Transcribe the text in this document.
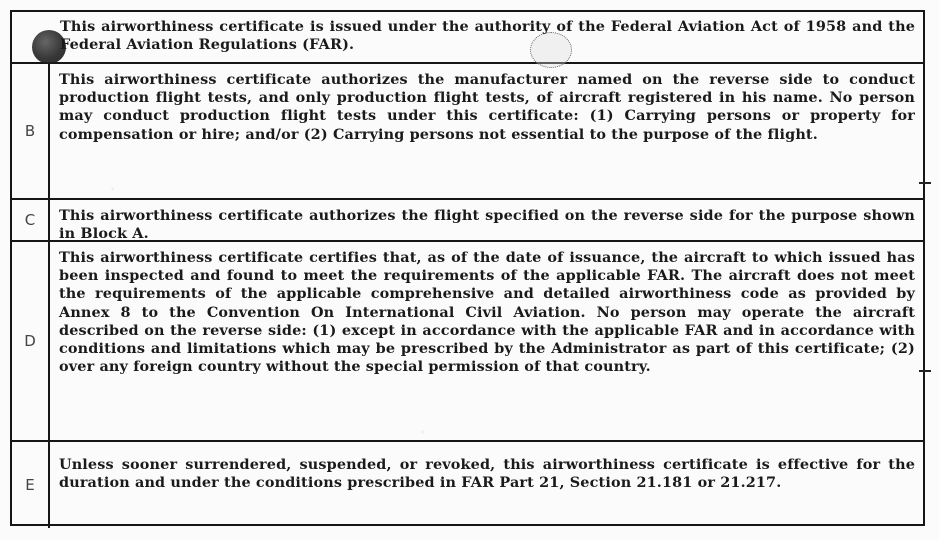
This airworthiness certificate is issued under the authority of the Federal Aviation Act of 1958 and the Federal Aviation Regulations (FAR).
B
This airworthiness certificate authorizes the manufacturer named on the reverse side to conduct production flight tests, and only production flight tests, of aircraft registered in his name. No person may conduct production flight tests under this certificate: (1) Carrying persons or property for compensation or hire; and/or (2) Carrying persons not essential to the purpose of the flight.
C This airworthiness certificate authorizes the flight specified on the reverse side for the purpose shown in Block A.
D
This airworthiness certificate certifies that, as of the date of issuance, the aircraft to which issued has been inspected and found to meet the requirements of the applicable FAR. The aircraft does not meet the requirements of the applicable comprehensive and detailed airworthiness code as provided by Annex 8 to the Convention On International Civil Aviation. No person may operate the aircraft described on the reverse side: (1) except in accordance with the applicable FAR and in accordance with conditions and limitations which may be prescribed by the Administrator as part of this certificate; (2) over any foreign country without the special permission of that country.
E
Unless sooner surrendered, suspended, or revoked, this airworthiness certificate is effective for the duration and under the conditions prescribed in FAR Part 21, Section 21.181 or 21.217.
